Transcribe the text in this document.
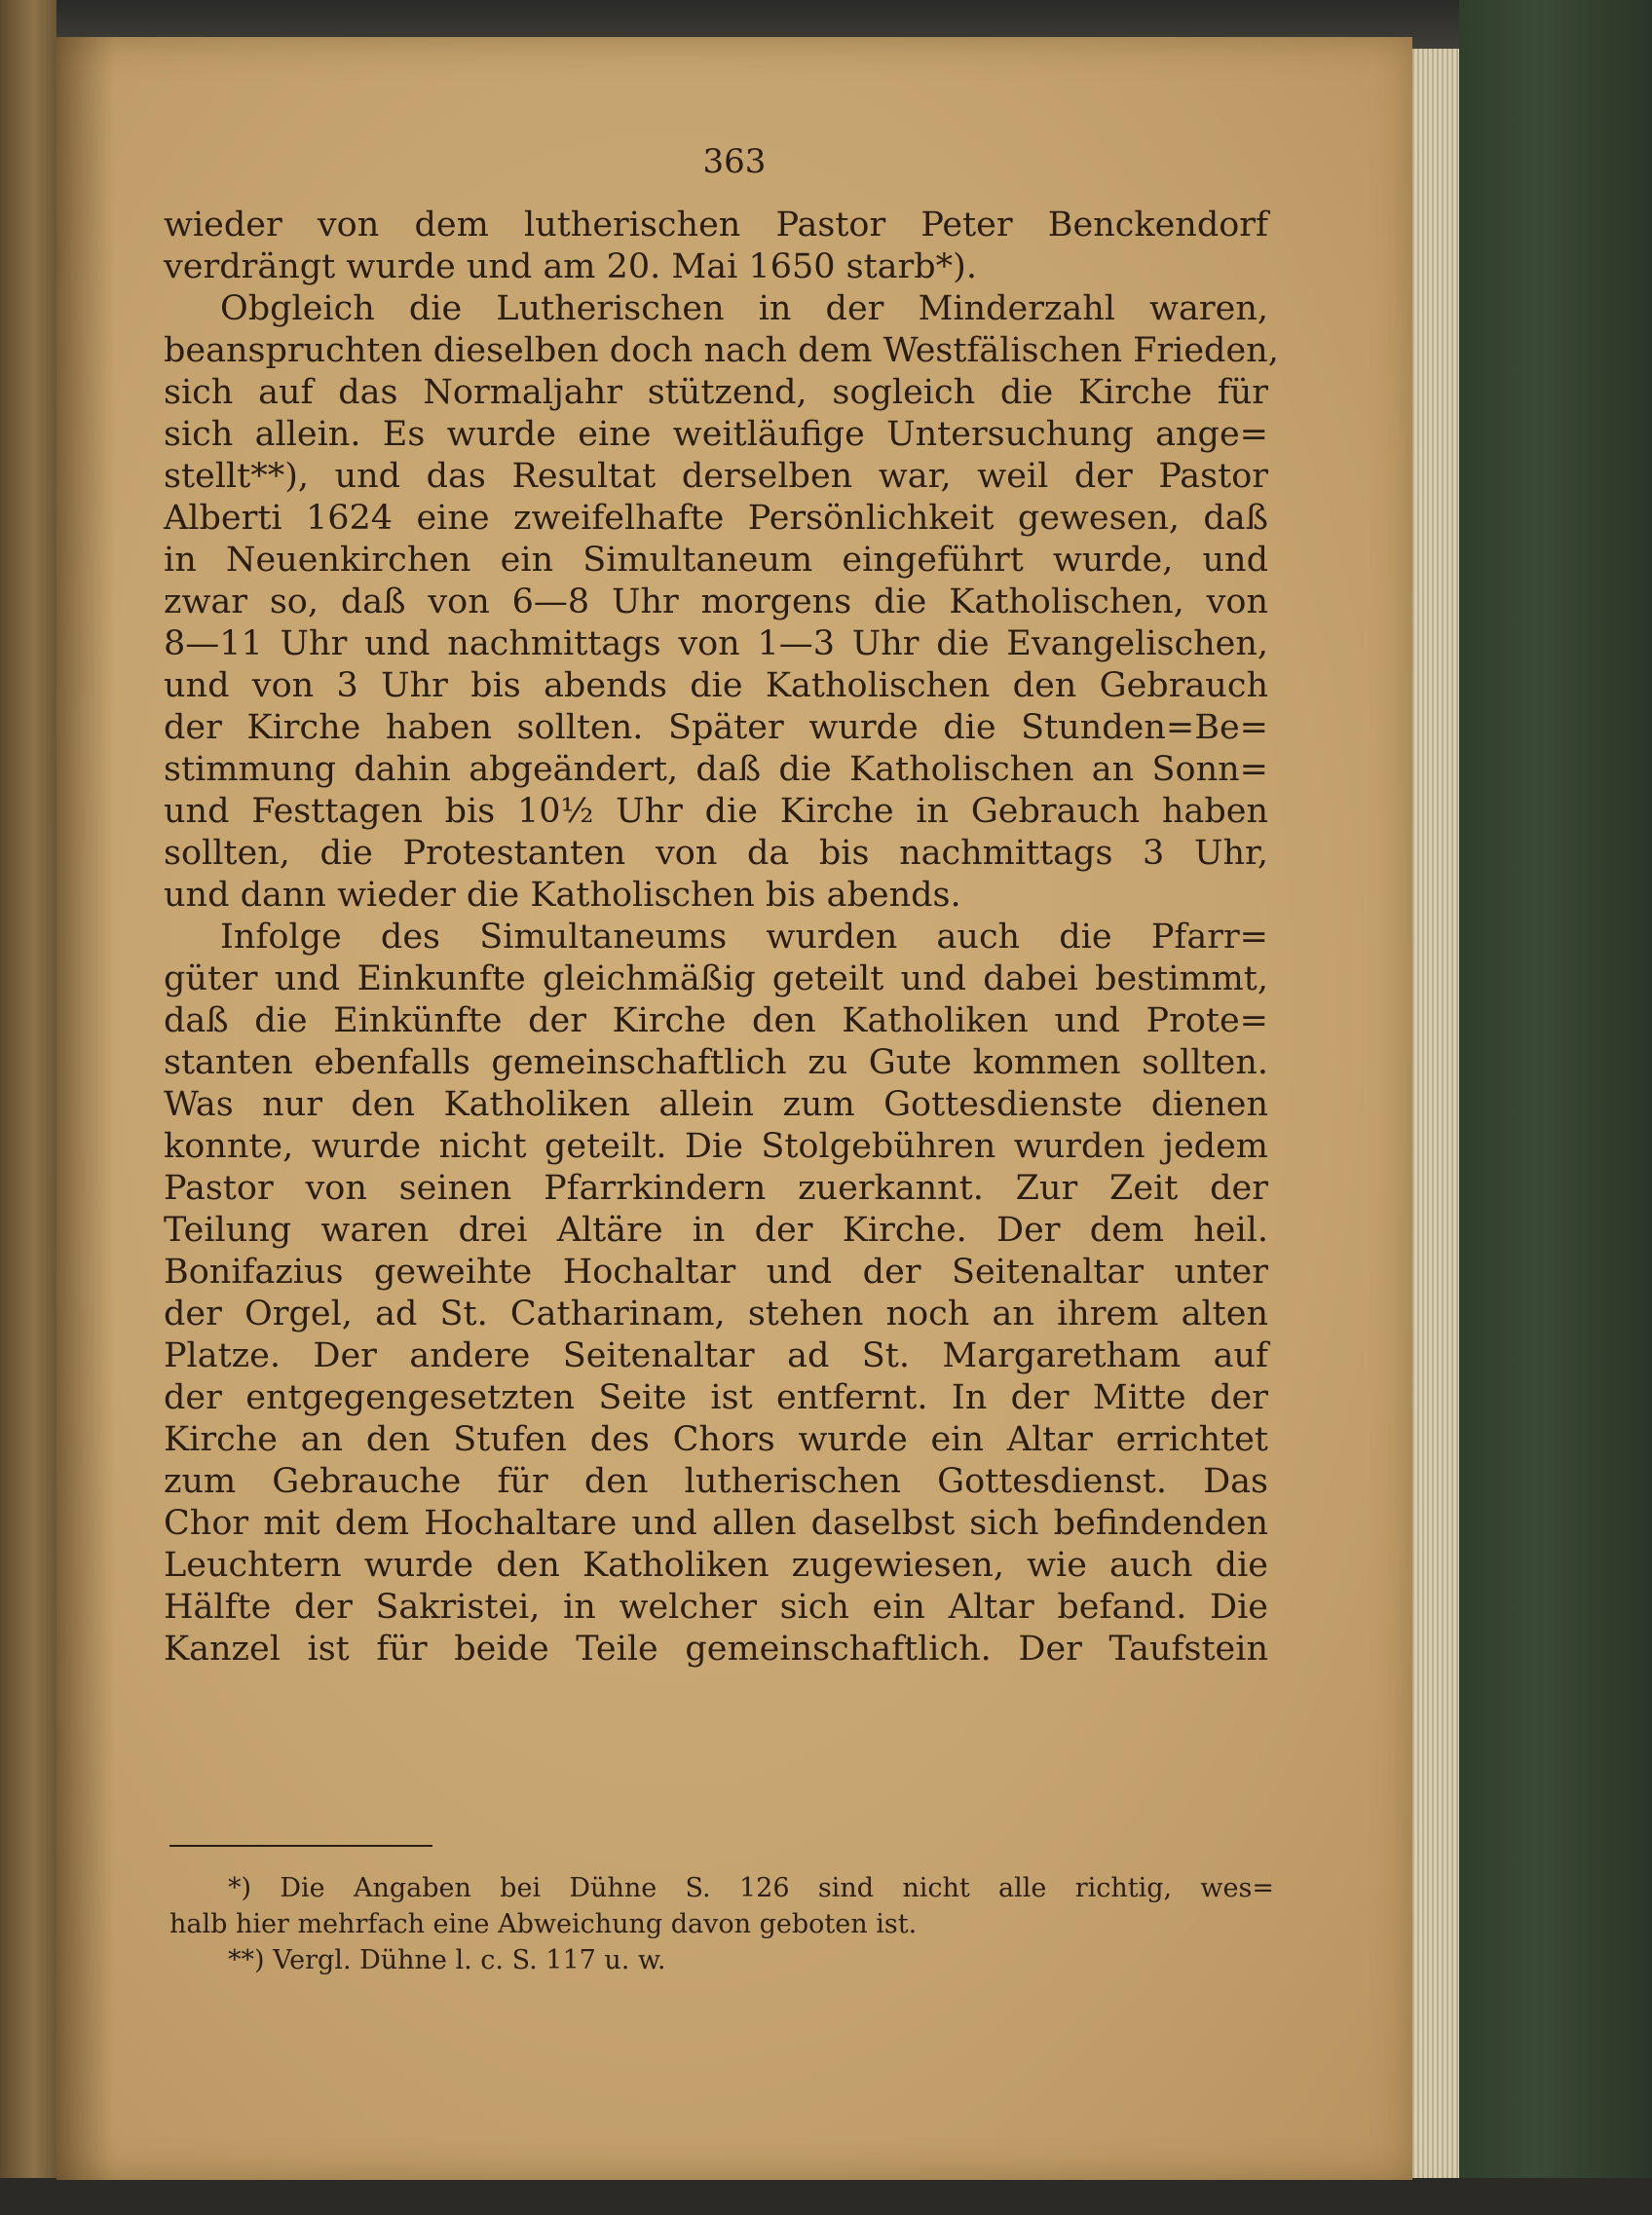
363
wieder von dem lutherischen Pastor Peter Benckendorf
verdrängt wurde und am 20. Mai 1650 starb*).
Obgleich die Lutherischen in der Minderzahl waren,
beanspruchten dieselben doch nach dem Westfälischen Frieden,
sich auf das Normaljahr stützend, sogleich die Kirche für
sich allein. Es wurde eine weitläufige Untersuchung ange=
stellt**), und das Resultat derselben war, weil der Pastor
Alberti 1624 eine zweifelhafte Persönlichkeit gewesen, daß
in Neuenkirchen ein Simultaneum eingeführt wurde, und
zwar so, daß von 6—8 Uhr morgens die Katholischen, von
8—11 Uhr und nachmittags von 1—3 Uhr die Evangelischen,
und von 3 Uhr bis abends die Katholischen den Gebrauch
der Kirche haben sollten. Später wurde die Stunden=Be=
stimmung dahin abgeändert, daß die Katholischen an Sonn=
und Festtagen bis 10½ Uhr die Kirche in Gebrauch haben
sollten, die Protestanten von da bis nachmittags 3 Uhr,
und dann wieder die Katholischen bis abends.
Infolge des Simultaneums wurden auch die Pfarr=
güter und Einkunfte gleichmäßig geteilt und dabei bestimmt,
daß die Einkünfte der Kirche den Katholiken und Prote=
stanten ebenfalls gemeinschaftlich zu Gute kommen sollten.
Was nur den Katholiken allein zum Gottesdienste dienen
konnte, wurde nicht geteilt. Die Stolgebühren wurden jedem
Pastor von seinen Pfarrkindern zuerkannt. Zur Zeit der
Teilung waren drei Altäre in der Kirche. Der dem heil.
Bonifazius geweihte Hochaltar und der Seitenaltar unter
der Orgel, ad St. Catharinam, stehen noch an ihrem alten
Platze. Der andere Seitenaltar ad St. Margaretham auf
der entgegengesetzten Seite ist entfernt. In der Mitte der
Kirche an den Stufen des Chors wurde ein Altar errichtet
zum Gebrauche für den lutherischen Gottesdienst. Das
Chor mit dem Hochaltare und allen daselbst sich befindenden
Leuchtern wurde den Katholiken zugewiesen, wie auch die
Hälfte der Sakristei, in welcher sich ein Altar befand. Die
Kanzel ist für beide Teile gemeinschaftlich. Der Taufstein
*) Die Angaben bei Dühne S. 126 sind nicht alle richtig, wes=
halb hier mehrfach eine Abweichung davon geboten ist.
**) Vergl. Dühne l. c. S. 117 u. w.
